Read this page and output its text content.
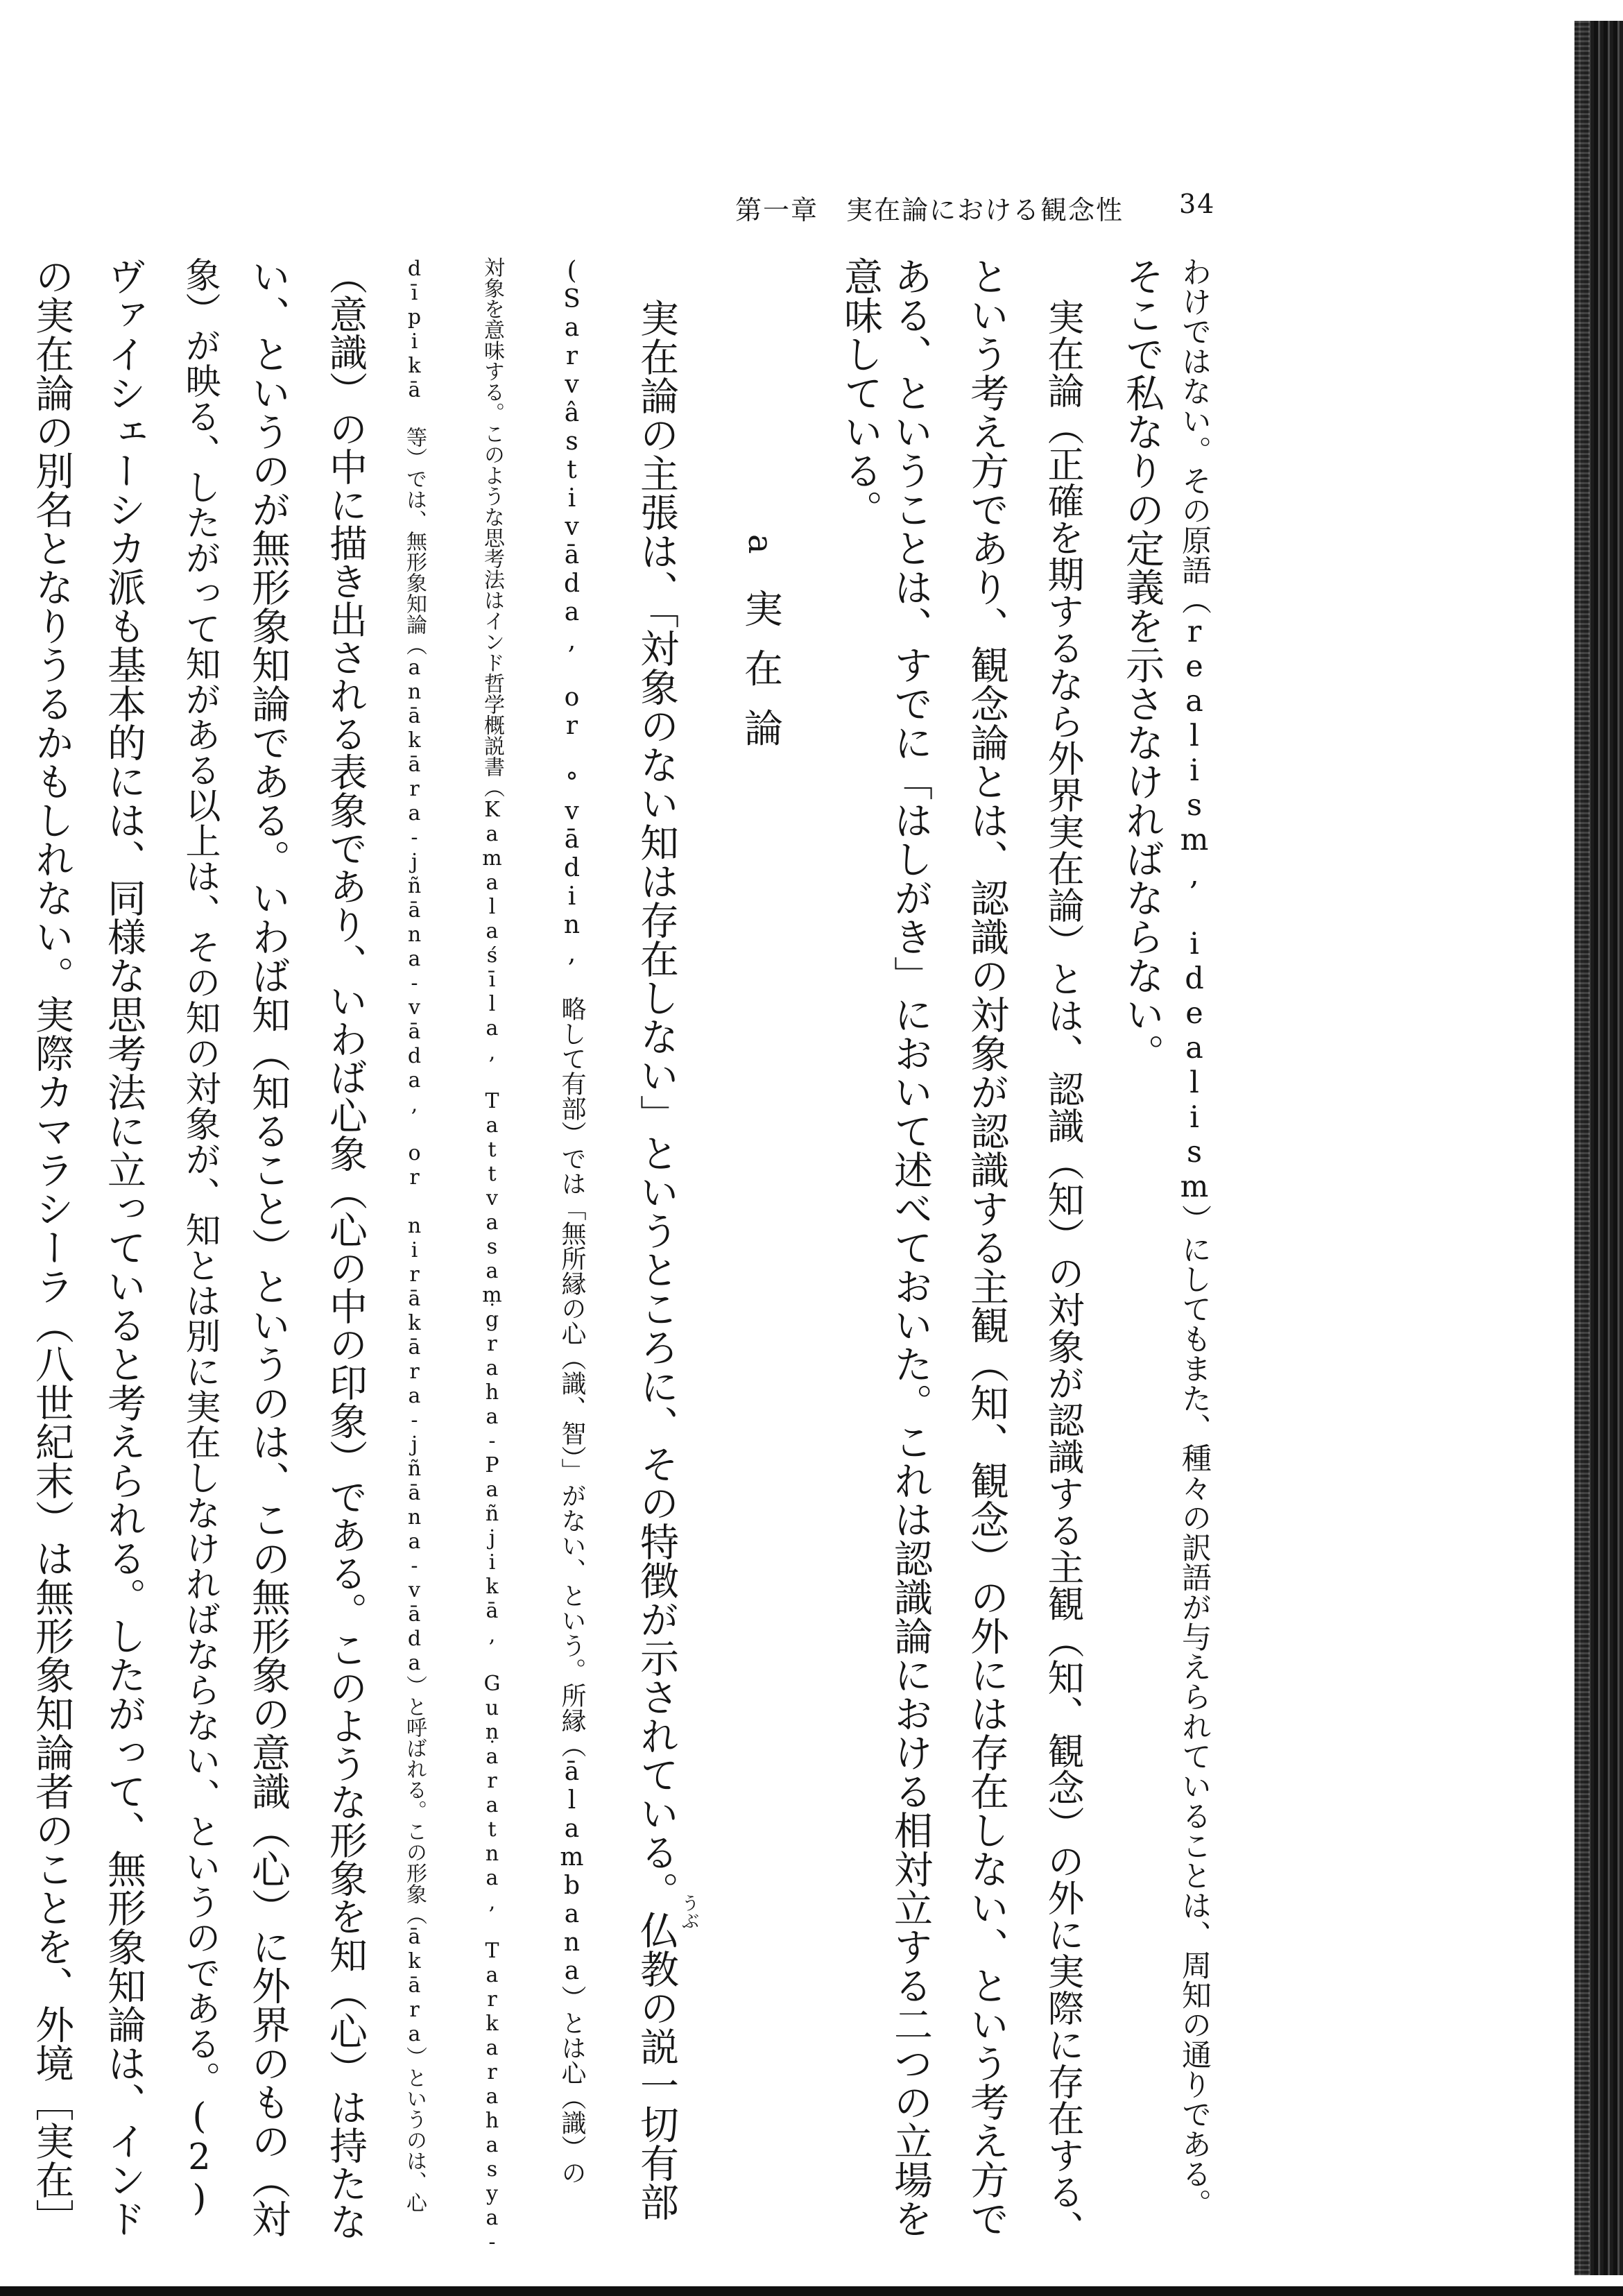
第一章　実在論における観念性 34
わけではない。その原語（realism, idealism）にしてもまた、種々の訳語が与えられていることは、周知の通りである。
そこで私なりの定義を示さなければならない。
実在論（正確を期するなら外界実在論）とは、認識（知）の対象が認識する主観（知、観念）の外に実際に存在する、
という考え方であり、観念論とは、認識の対象が認識する主観（知、観念）の外には存在しない、という考え方で
ある、ということは、すでに「はしがき」において述べておいた。これは認識論における相対立する二つの立場を
意味している。
a実在論
うぶ
実在論の主張は、「対象のない知は存在しない」というところに、その特徴が示されている。仏教の説一切有部
(Sarvâstivāda, or °vādin, 略して有部）では「無所縁の心（識、智）」がない、という。所縁（ālambana）とは心（識）の
対象を意味する。このような思考法はインド哲学概説書（Kamalaśīla, Tattvasaṃgraha-Pañjikā, Guṇaratna, Tarkarahasya-
dīpikā 等）では、無形象知論（anākāra-jñāna-vāda, or nirākāra-jñāna-vāda）と呼ばれる。この形象（ākāra）というのは、心
（意識）の中に描き出される表象であり、いわば心象（心の中の印象）である。このような形象を知（心）は持たな
い、というのが無形象知論である。いわば知（知ること）というのは、この無形象の意識（心）に外界のもの（対
象）が映る、したがって知がある以上は、その知の対象が、知とは別に実在しなければならない、というのである。(2)
ヴァイシェーシカ派も基本的には、同様な思考法に立っていると考えられる。したがって、無形象知論は、インド
の実在論の別名となりうるかもしれない。実際カマラシーラ（八世紀末）は無形象知論者のことを、外境［実在］
